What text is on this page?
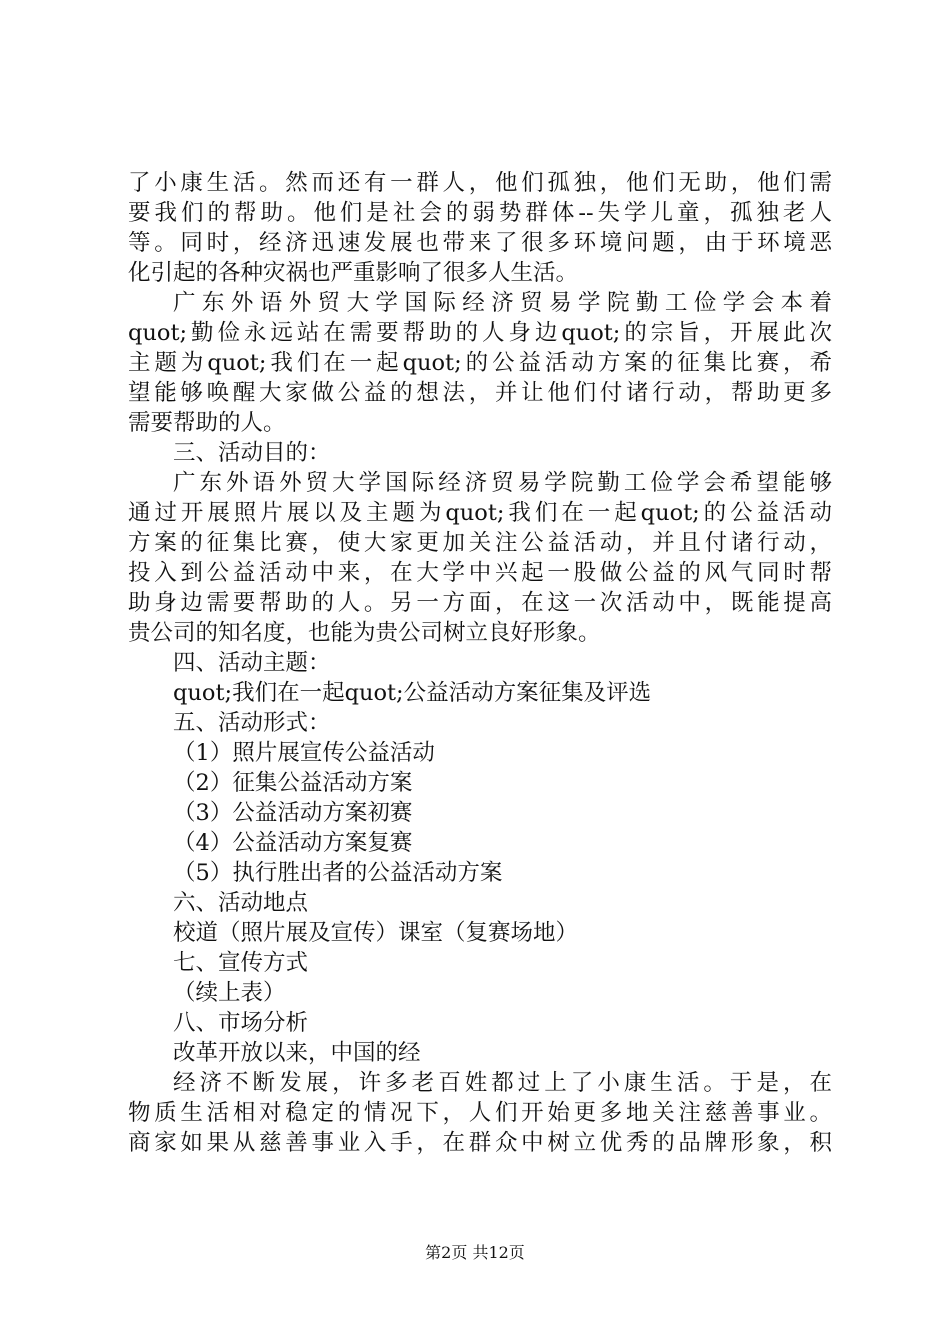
了小康生活。然而还有一群人，他们孤独，他们无助，他们需
要我们的帮助。他们是社会的弱势群体--失学儿童，孤独老人
等。同时，经济迅速发展也带来了很多环境问题，由于环境恶
化引起的各种灾祸也严重影响了很多人生活。
广东外语外贸大学国际经济贸易学院勤工俭学会本着
quot;勤俭永远站在需要帮助的人身边quot;的宗旨，开展此次
主题为quot;我们在一起quot;的公益活动方案的征集比赛，希
望能够唤醒大家做公益的想法，并让他们付诸行动，帮助更多
需要帮助的人。
三、活动目的：
广东外语外贸大学国际经济贸易学院勤工俭学会希望能够
通过开展照片展以及主题为quot;我们在一起quot;的公益活动
方案的征集比赛，使大家更加关注公益活动，并且付诸行动，
投入到公益活动中来，在大学中兴起一股做公益的风气同时帮
助身边需要帮助的人。另一方面，在这一次活动中，既能提高
贵公司的知名度，也能为贵公司树立良好形象。
四、活动主题：
quot;我们在一起quot;公益活动方案征集及评选
五、活动形式：
（1）照片展宣传公益活动
（2）征集公益活动方案
（3）公益活动方案初赛
（4）公益活动方案复赛
（5）执行胜出者的公益活动方案
六、活动地点
校道（照片展及宣传）课室（复赛场地）
七、宣传方式
（续上表）
八、市场分析
改革开放以来，中国的经
经济不断发展，许多老百姓都过上了小康生活。于是，在
物质生活相对稳定的情况下，人们开始更多地关注慈善事业。
商家如果从慈善事业入手，在群众中树立优秀的品牌形象，积
第2页 共12页
